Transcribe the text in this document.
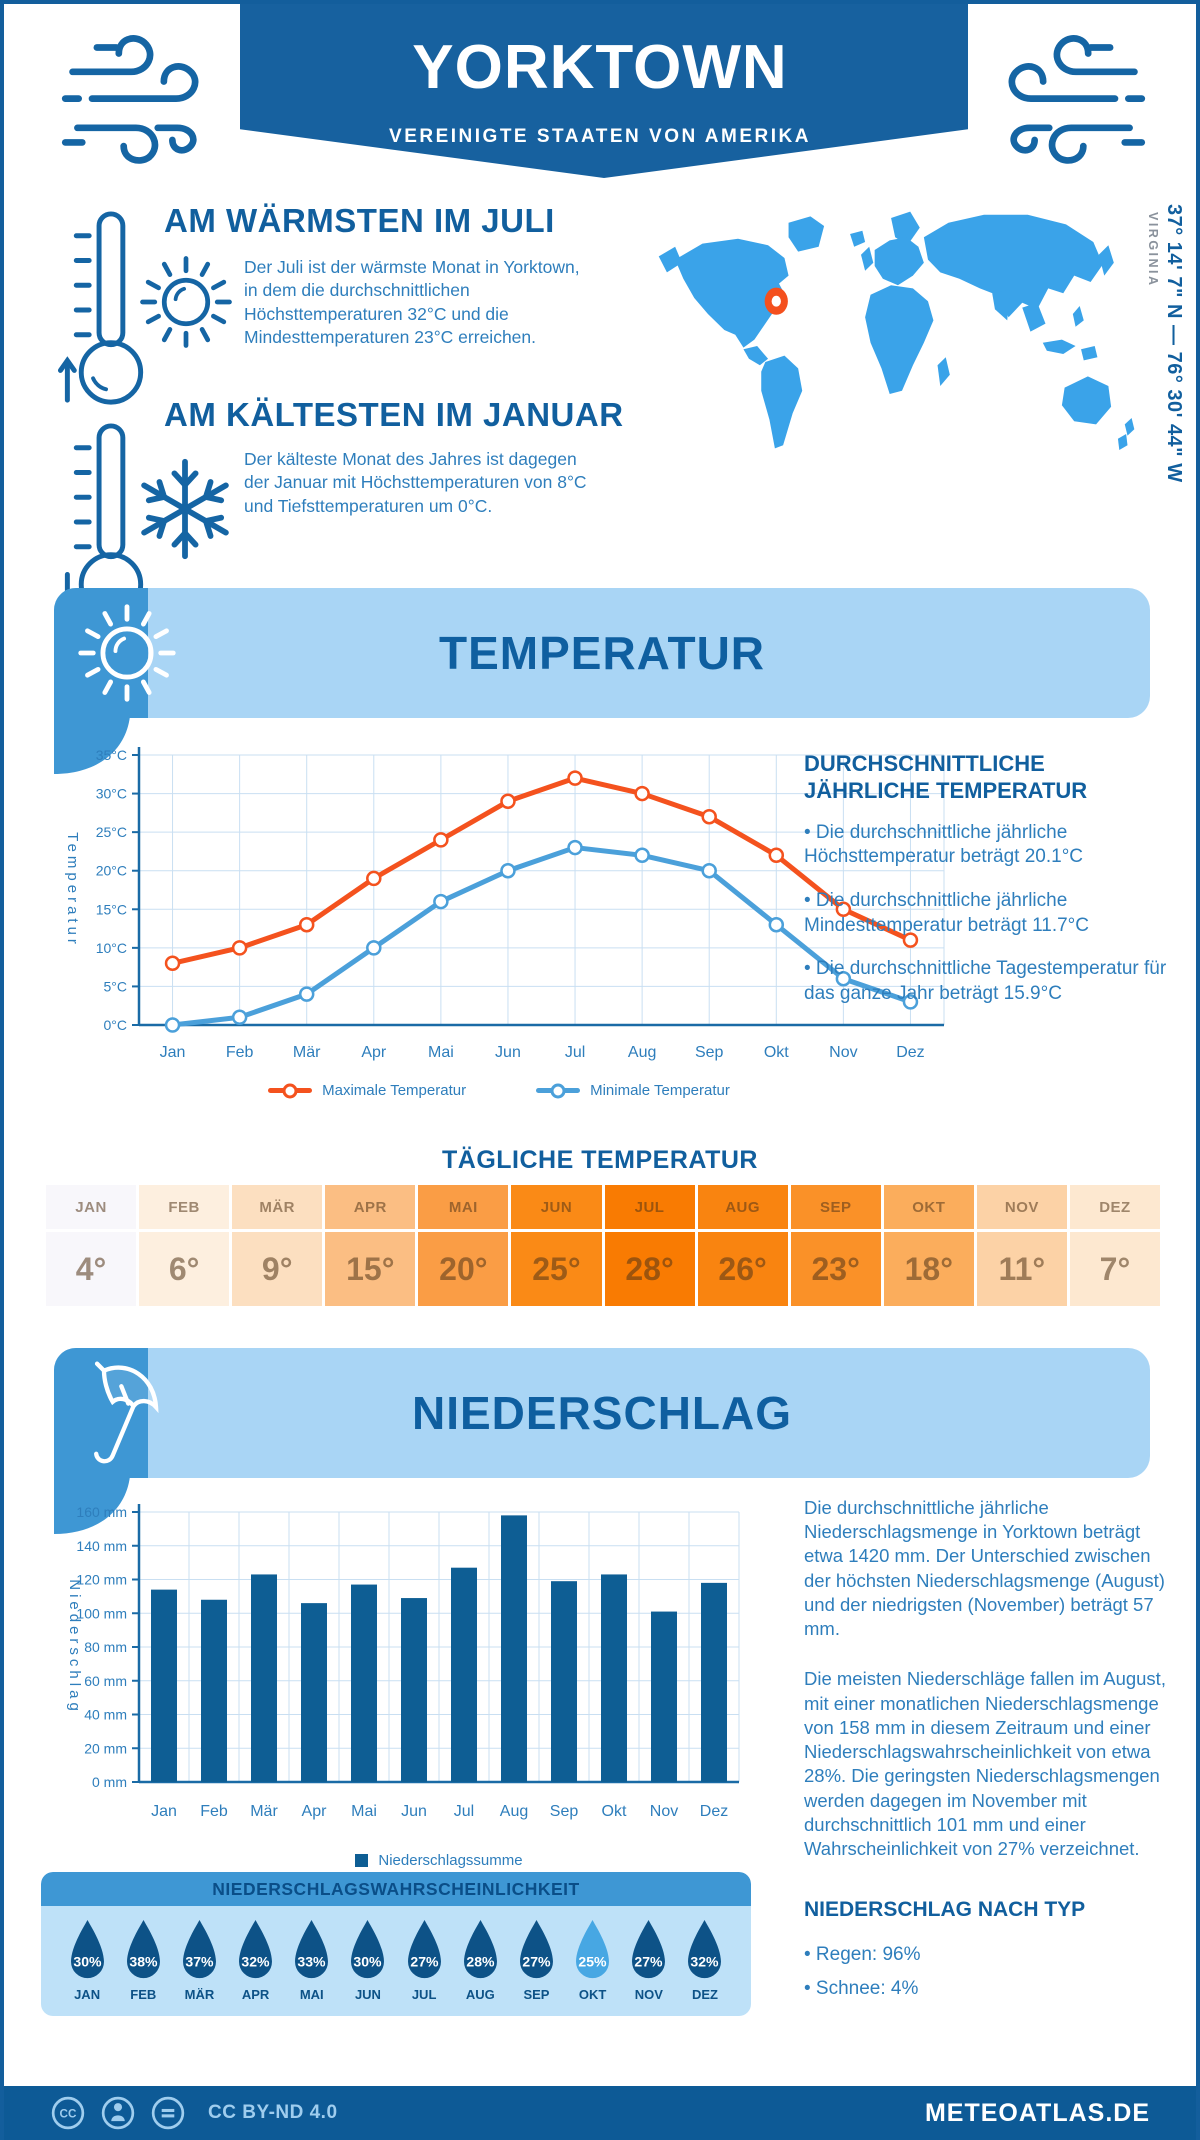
YORKTOWN
VEREINIGTE STAATEN VON AMERIKA
AM WÄRMSTEN IM JULI
Der Juli ist der wärmste Monat in Yorktown, in dem die durchschnittlichen Höchsttemperaturen 32°C und die Mindesttemperaturen 23°C erreichen.
AM KÄLTESTEN IM JANUAR
Der kälteste Monat des Jahres ist dagegen der Januar mit Höchsttemperaturen von 8°C und Tiefsttemperaturen um 0°C.
VIRGINIA 37° 14' 7" N — 76° 30' 44" W
TEMPERATUR
0°C
5°C
10°C
15°C
20°C
25°C
30°C
35°C
Jan	Feb Mär	Apr	Mai	Jun	Jul	Aug Sep	Okt	Nov Dez
Temperatur
Maximale Temperatur	Minimale Temperatur
DURCHSCHNITTLICHE JÄHRLICHE TEMPERATUR
• Die durchschnittliche jährliche Höchsttemperatur beträgt 20.1°C
• Die durchschnittliche jährliche Mindesttemperatur beträgt 11.7°C
• Die durchschnittliche Tagestemperatur für das ganze Jahr beträgt 15.9°C
TÄGLICHE TEMPERATUR
JAN	FEB	MÄR	APR	MAI	JUN	JUL	AUG	SEP	OKT	NOV	DEZ
4°	6°	9°	15°	20°	25°	28°	26°	23°	18°	11°	7°
NIEDERSCHLAG
0 mm
20 mm
40 mm
60 mm
80 mm
100 mm
120 mm
140 mm
160 mm
Jan Feb Mär Apr Mai Jun Jul Aug Sep Okt Nov Dez
Niederschlag
Niederschlagssumme
Die durchschnittliche jährliche Niederschlagsmenge in Yorktown beträgt etwa 1420 mm. Der Unterschied zwischen der höchsten Niederschlagsmenge (August) und der niedrigsten (November) beträgt 57 mm.
Die meisten Niederschläge fallen im August, mit einer monatlichen Niederschlagsmenge von 158 mm in diesem Zeitraum und einer Niederschlagswahrscheinlichkeit von etwa 28%. Die geringsten Niederschlagsmengen werden dagegen im November mit durchschnittlich 101 mm und einer Wahrscheinlichkeit von 27% verzeichnet.
NIEDERSCHLAG NACH TYP
• Regen: 96%
• Schnee: 4%
NIEDERSCHLAGSWAHRSCHEINLICHKEIT
30%
JAN
38%
FEB
37%
MÄR
32%
APR
33%
MAI
30%
JUN
27%
JUL
28%
AUG
27%
SEP
25%
OKT
27%
NOV
32%
DEZ
CC	CC BY-ND 4.0	METEOATLAS.DE
